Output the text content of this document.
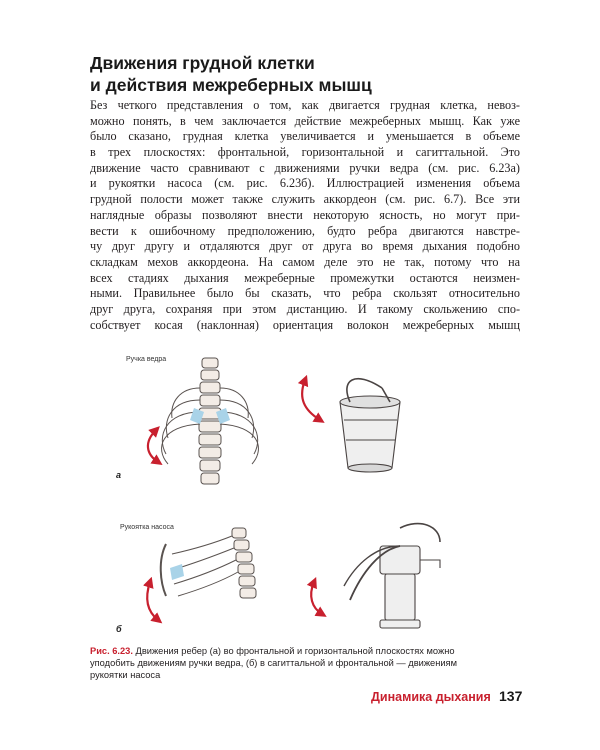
Движения грудной клетки
и действия межреберных мышц
Без четкого представления о том, как двигается грудная клетка, невоз-
можно понять, в чем заключается действие межреберных мышц. Как уже
было сказано, грудная клетка увеличивается и уменьшается в объеме
в трех плоскостях: фронтальной, горизонтальной и сагиттальной. Это
движение часто сравнивают с движениями ручки ведра (см. рис. 6.23а)
и рукоятки насоса (см. рис. 6.23б). Иллюстрацией изменения объема
грудной полости может также служить аккордеон (см. рис. 6.7). Все эти
наглядные образы позволяют внести некоторую ясность, но могут при-
вести к ошибочному предположению, будто ребра двигаются навстре-
чу друг другу и отдаляются друг от друга во время дыхания подобно
складкам мехов аккордеона. На самом деле это не так, потому что на
всех стадиях дыхания межреберные промежутки остаются неизмен-
ными. Правильнее было бы сказать, что ребра скользят относительно
друг друга, сохраняя при этом дистанцию. И такому скольжению спо-
собствует косая (наклонная) ориентация волокон межреберных мышц
Ручка ведра
Рукоятка насоса
а
б
Рис. 6.23. Движения ребер (а) во фронтальной и горизонтальной плоскостях можно
уподобить движениям ручки ведра, (б) в сагиттальной и фронтальной — движениям
рукоятки насоса
Динамика дыхания 137
